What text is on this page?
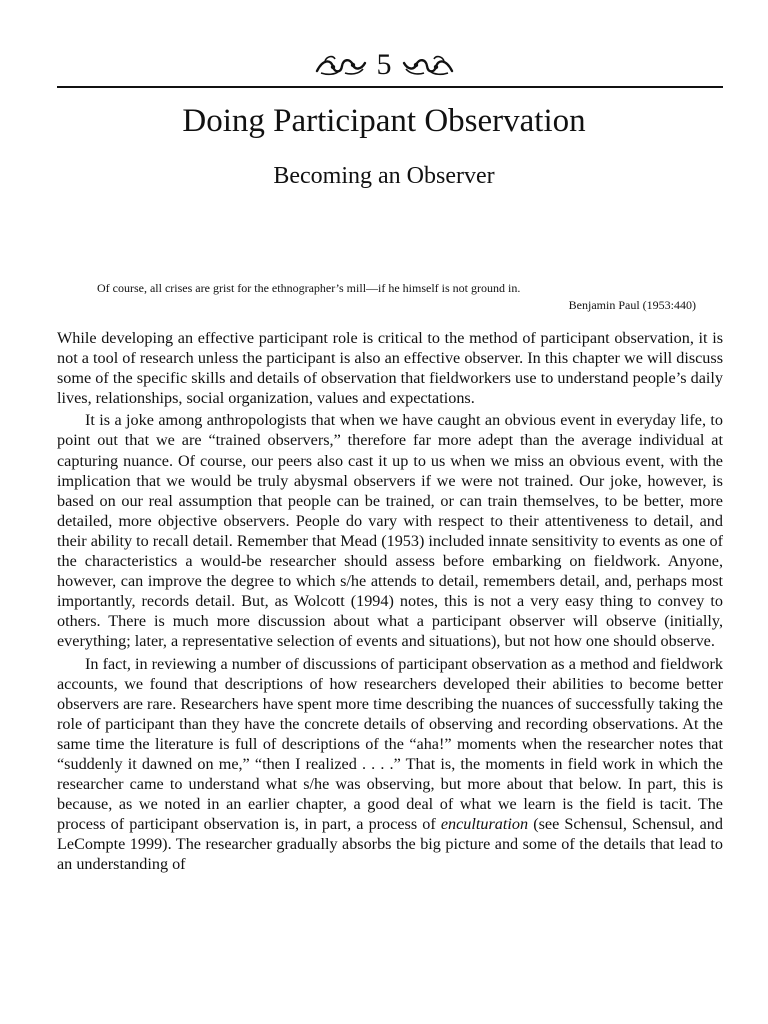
5
Doing Participant Observation
Becoming an Observer
Of course, all crises are grist for the ethnographer’s mill—if he himself is not ground in.
Benjamin Paul (1953:440)

While developing an effective participant role is critical to the method of participant observation, it is not a tool of research unless the participant is also an effective observer. In this chapter we will discuss some of the specific skills and details of observation that fieldworkers use to understand people’s daily lives, relationships, social organization, values and expectations.

It is a joke among anthropologists that when we have caught an obvious event in everyday life, to point out that we are “trained observers,” therefore far more adept than the average individual at capturing nuance. Of course, our peers also cast it up to us when we miss an obvious event, with the implication that we would be truly abysmal observers if we were not trained. Our joke, however, is based on our real assumption that people can be trained, or can train themselves, to be better, more detailed, more objective observers. People do vary with respect to their attentiveness to detail, and their ability to recall detail. Remember that Mead (1953) included innate sensitivity to events as one of the characteristics a would-be researcher should assess before embarking on fieldwork. Anyone, however, can improve the degree to which s/he attends to detail, remembers detail, and, perhaps most importantly, records detail. But, as Wolcott (1994) notes, this is not a very easy thing to convey to others. There is much more discussion about what a participant observer will observe (initially, everything; later, a representative selection of events and situations), but not how one should observe.

In fact, in reviewing a number of discussions of participant observation as a method and fieldwork accounts, we found that descriptions of how researchers developed their abilities to become better observers are rare. Researchers have spent more time describing the nuances of successfully taking the role of participant than they have the concrete details of observing and recording observations. At the same time the literature is full of descriptions of the “aha!” moments when the researcher notes that “suddenly it dawned on me,” “then I realized . . . .” That is, the moments in field work in which the researcher came to understand what s/he was observing, but more about that below. In part, this is because, as we noted in an earlier chapter, a good deal of what we learn is the field is tacit. The process of participant observation is, in part, a process of enculturation (see Schensul, Schensul, and LeCompte 1999). The researcher gradually absorbs the big picture and some of the details that lead to an understanding of
